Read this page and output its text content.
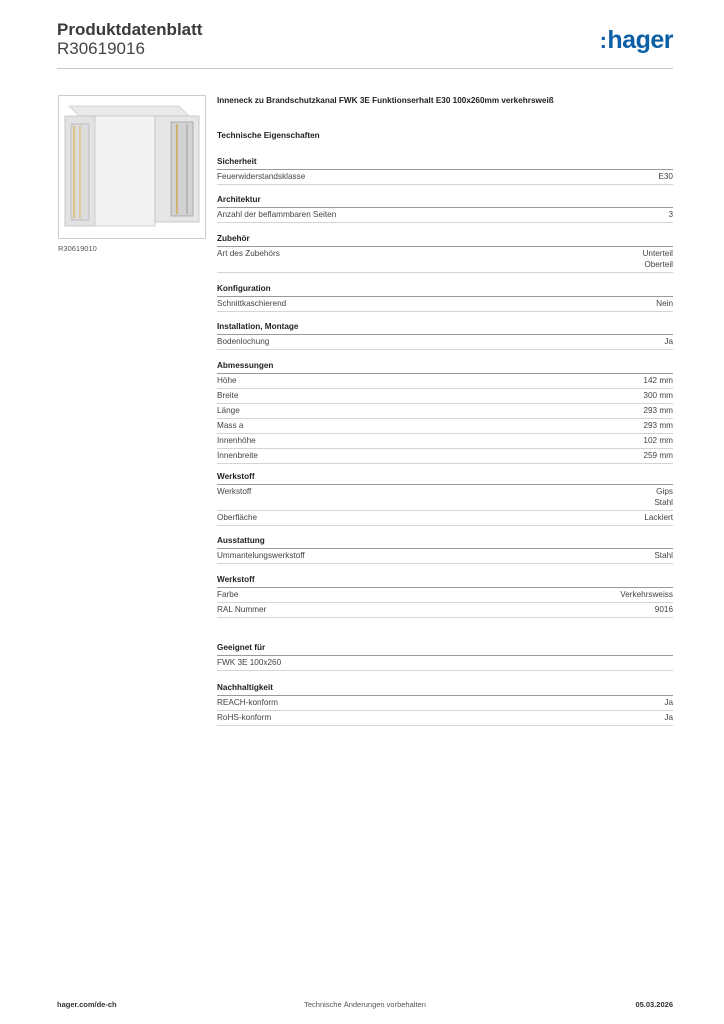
Produktdatenblatt
R30619016	:hager
R30619010
Inneneck zu Brandschutzkanal FWK 3E Funktionserhalt E30 100x260mm verkehrsweiß
Technische Eigenschaften
Sicherheit
Feuerwiderstandsklasse	E30
Architektur
Anzahl der beflammbaren Seiten	3
Zubehör
Art des Zubehörs	Unterteil
Oberteil
Konfiguration
Schnittkaschierend	Nein
Installation, Montage
Bodenlochung	Ja
Abmessungen
Höhe	142 mm
Breite	300 mm
Länge	293 mm
Mass a	293 mm
Innenhöhe	102 mm
Innenbreite	259 mm
Werkstoff
Werkstoff	Gips
Stahl
Oberfläche	Lackiert
Ausstattung
Ummantelungswerkstoff	Stahl
Werkstoff
Farbe	Verkehrsweiss
RAL Nummer	9016
Geeignet für
FWK 3E 100x260
Nachhaltigkeit
REACH-konform	Ja
RoHS-konform	Ja
hager.com/de-ch	Technische Änderungen vorbehalten	05.03.2026
